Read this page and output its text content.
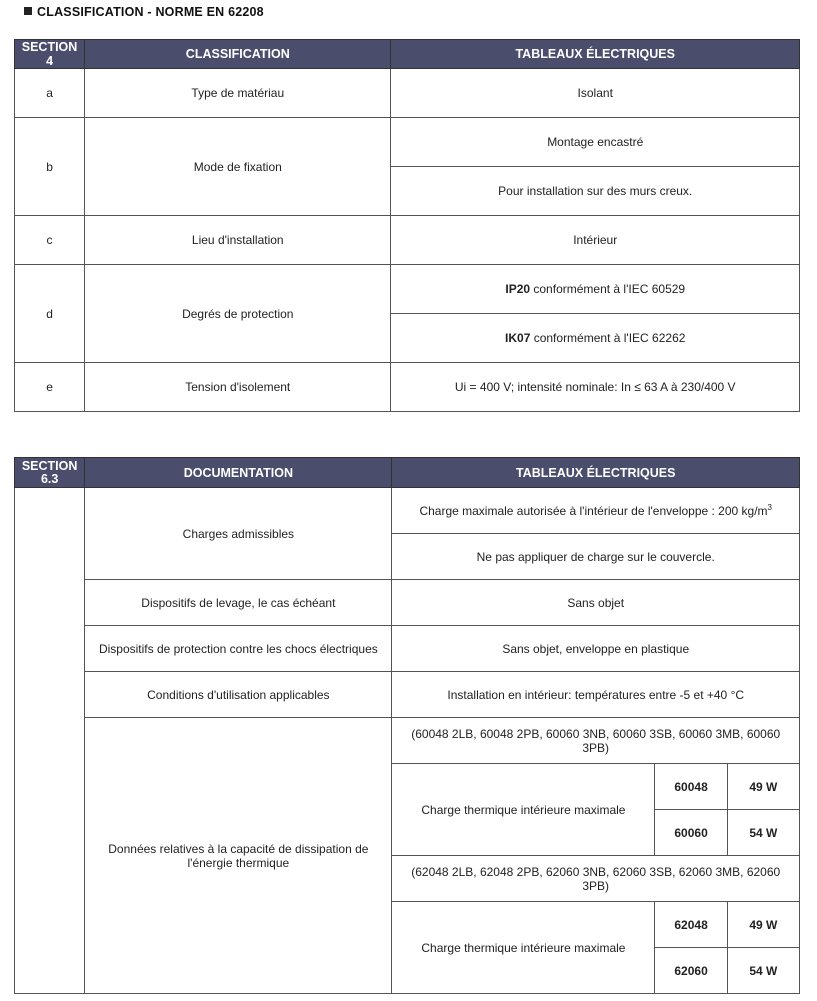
CLASSIFICATION - NORME EN 62208
SECTION 4	CLASSIFICATION	TABLEAUX ÉLECTRIQUES
a	Type de matériau	Isolant
b	Mode de fixation	Montage encastré
		Pour installation sur des murs creux.
c	Lieu d'installation	Intérieur
d	Degrés de protection	IP20 conformément à l'IEC 60529
		IK07 conformément à l'IEC 62262
e	Tension d'isolement	Ui = 400 V; intensité nominale: In ≤ 63 A à 230/400 V
SECTION 6.3	DOCUMENTATION	TABLEAUX ÉLECTRIQUES		
	Charges admissibles	Charge maximale autorisée à l'intérieur de l'enveloppe : 200 $kg/m^3$
		Ne pas appliquer de charge sur le couvercle.		
	Dispositifs de levage, le cas échéant	Sans objet		
	Dispositifs de protection contre les chocs électriques	Sans objet, enveloppe en plastique		
	Conditions d'utilisation applicables	Installation en intérieur: températures entre -5 et +40 °C		
	Données relatives à la capacité de dissipation de l'énergie thermique	(60048 2LB, 60048 2PB, 60060 3NB, 60060 3SB, 60060 3MB, 60060 3PB)		
		Charge thermique intérieure maximale	60048	49 W
			60060	54 W
		(62048 2LB, 62048 2PB, 62060 3NB, 62060 3SB, 62060 3MB, 62060 3PB)		
		Charge thermique intérieure maximale	62048	49 W
			62060	54 W
